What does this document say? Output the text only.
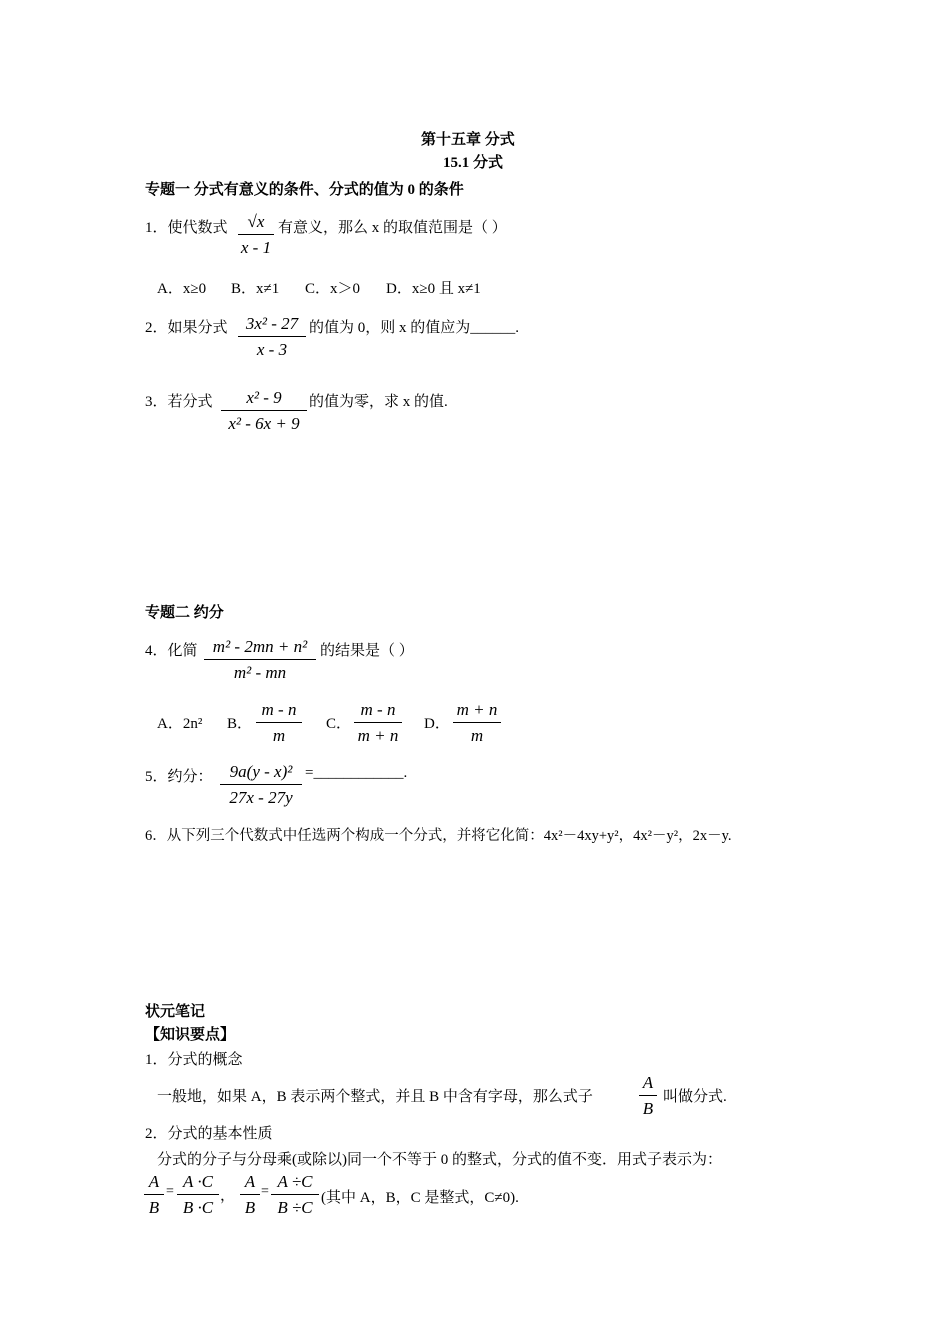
第十五章 分式
15.1 分式
专题一 分式有意义的条件、分式的值为 0 的条件
1．使代数式 $\frac{√x}{x - 1}$ 有意义，那么 x 的取值范围是（ ）
A．x≥0 B．x≠1 C．x＞0 D．x≥0 且 x≠1
2．如果分式 $\frac{\text{3x² - 27}}{x - 3}$ 的值为 0，则 x 的值应为______.
3．若分式 $\frac{\text{x² - 9}}{\text{x² - 6x + 9}}$ 的值为零，求 x 的值.
专题二 约分
4．化简 $\frac{\text{m² - 2mn + n²}}{\text{m² - mn}}$ 的结果是（ ）
A．2n² B． $\frac{m - n}{m}$ C． $\frac{m - n}{m + n}$ D． $\frac{m + n}{m}$
5．约分： $\frac{\text{9a(y - x)²}}{27x - 27y}$ =____________.
6．从下列三个代数式中任选两个构成一个分式，并将它化简：4x²－4xy+y²，4x²－y²，2x－y.
状元笔记
【知识要点】
1．分式的概念
一般地，如果 A，B 表示两个整式，并且 B 中含有字母，那么式子	$\frac{A}{B}$ 叫做分式.
2．分式的基本性质
分式的分子与分母乘(或除以)同一个不等于 0 的整式，分式的值不变．用式子表示为：
$\frac{A}{B} = \frac{A \cdot C}{B \cdot C}$ ， $\frac{A}{B} = \frac{A \div C}{B \div C}$ (其中 A，B，C 是整式，C≠0).
